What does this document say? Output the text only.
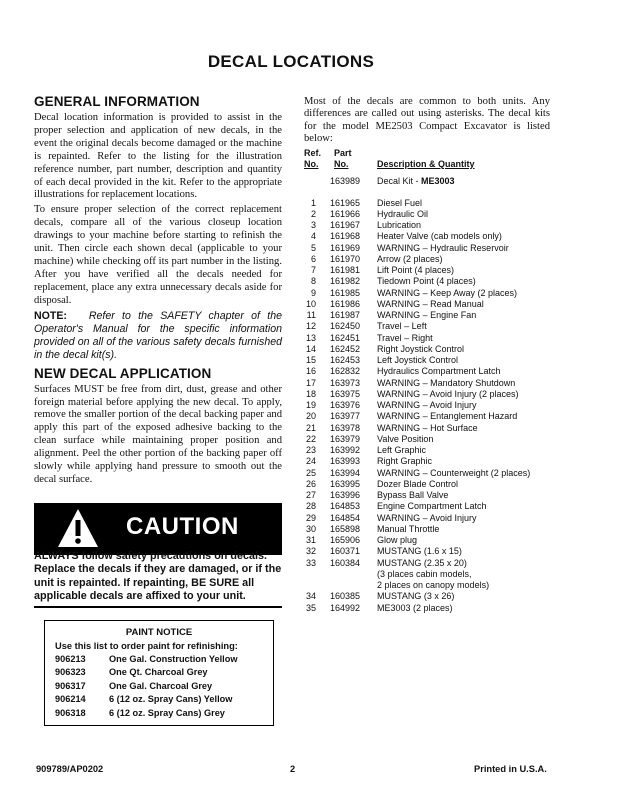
DECAL LOCATIONS
GENERAL INFORMATION

Decal location information is provided to assist in the proper selection and application of new decals, in the event the original decals become damaged or the machine is repainted. Refer to the listing for the illustration reference number, part number, description and quantity of each decal provided in the kit. Refer to the appropriate illustrations for replacement locations.

To ensure proper selection of the correct replacement decals, compare all of the various closeup location drawings to your machine before starting to refinish the unit. Then circle each shown decal (applicable to your machine) while checking off its part number in the listing. After you have verified all the decals needed for replacement, place any extra unnecessary decals aside for disposal.

NOTE: Refer to the SAFETY chapter of the Operator's Manual for the specific information provided on all of the various safety decals furnished in the decal kit(s).

NEW DECAL APPLICATION

Surfaces MUST be free from dirt, dust, grease and other foreign material before applying the new decal. To apply, remove the smaller portion of the decal backing paper and apply this part of the exposed adhesive backing to the clean surface while maintaining proper position and alignment. Peel the other portion of the backing paper off slowly while applying hand pressure to smooth out the decal surface.

CAUTION
ALWAYS follow safety precautions on decals. Replace the decals if they are damaged, or if the unit is repainted. If repainting, BE SURE all applicable decals are affixed to your unit.
PAINT NOTICE
Use this list to order paint for refinishing:
906213	One Gal. Construction Yellow
906323	One Qt. Charcoal Grey
906317	One Gal. Charcoal Grey
906214	6 (12 oz. Spray Cans) Yellow
906318	6 (12 oz. Spray Cans) Grey

Most of the decals are common to both units. Any differences are called out using asterisks. The decal kits for the model ME2503 Compact Excavator is listed below:

Ref.
No.
Part
No.	Description & Quantity
163989 Decal Kit - ME3003
1 161965 Diesel Fuel
2 161966 Hydraulic Oil
3 161967 Lubrication
4 161968 Heater Valve (cab models only)
5 161969 WARNING – Hydraulic Reservoir
6 161970 Arrow (2 places)
7 161981 Lift Point (4 places)
8 161982 Tiedown Point (4 places)
9 161985 WARNING – Keep Away (2 places)
10 161986 WARNING – Read Manual
11 161987 WARNING – Engine Fan
12 162450 Travel – Left
13 162451 Travel – Right
14 162452 Right Joystick Control
15 162453 Left Joystick Control
16 162832 Hydraulics Compartment Latch
17 163973 WARNING – Mandatory Shutdown
18 163975 WARNING – Avoid Injury (2 places)
19 163976 WARNING – Avoid Injury
20 163977 WARNING – Entanglement Hazard
21 163978 WARNING – Hot Surface
22 163979 Valve Position
23 163992 Left Graphic
24 163993 Right Graphic
25 163994 WARNING – Counterweight (2 places)
26 163995 Dozer Blade Control
27 163996 Bypass Ball Valve
28 164853 Engine Compartment Latch
29 164854 WARNING – Avoid Injury
30 165898 Manual Throttle
31 165906 Glow plug
32 160371 MUSTANG (1.6 x 15)
33 160384 MUSTANG (2.35 x 20)
(3 places cabin models,
2 places on canopy models)
34 160385 MUSTANG (3 x 26)
35 164992 ME3003 (2 places)
909789/AP0202	2	Printed in U.S.A.
